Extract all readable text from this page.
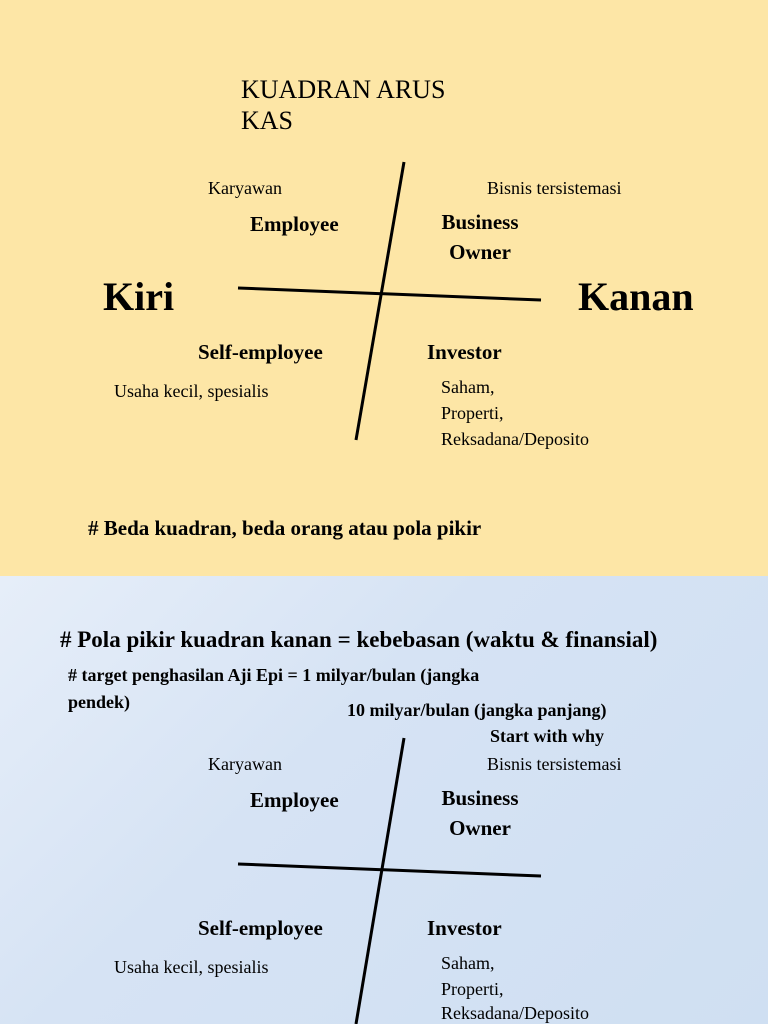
KUADRAN ARUS KAS
Karyawan
Employee
Bisnis tersistemasi
Business
Owner
Kiri	Kanan
Self-employee
Usaha kecil, spesialis
Investor
Saham,
Properti,
Reksadana/Deposito
# Beda kuadran, beda orang atau pola pikir
# Pola pikir kuadran kanan = kebebasan (waktu & finansial)
# target penghasilan Aji Epi = 1 milyar/bulan (jangka
pendek)	10 milyar/bulan (jangka panjang)
Start with why
Karyawan
Employee
Bisnis tersistemasi
Business
Owner
Self-employee
Usaha kecil, spesialis
Investor
Saham,
Properti,
Reksadana/Deposito
